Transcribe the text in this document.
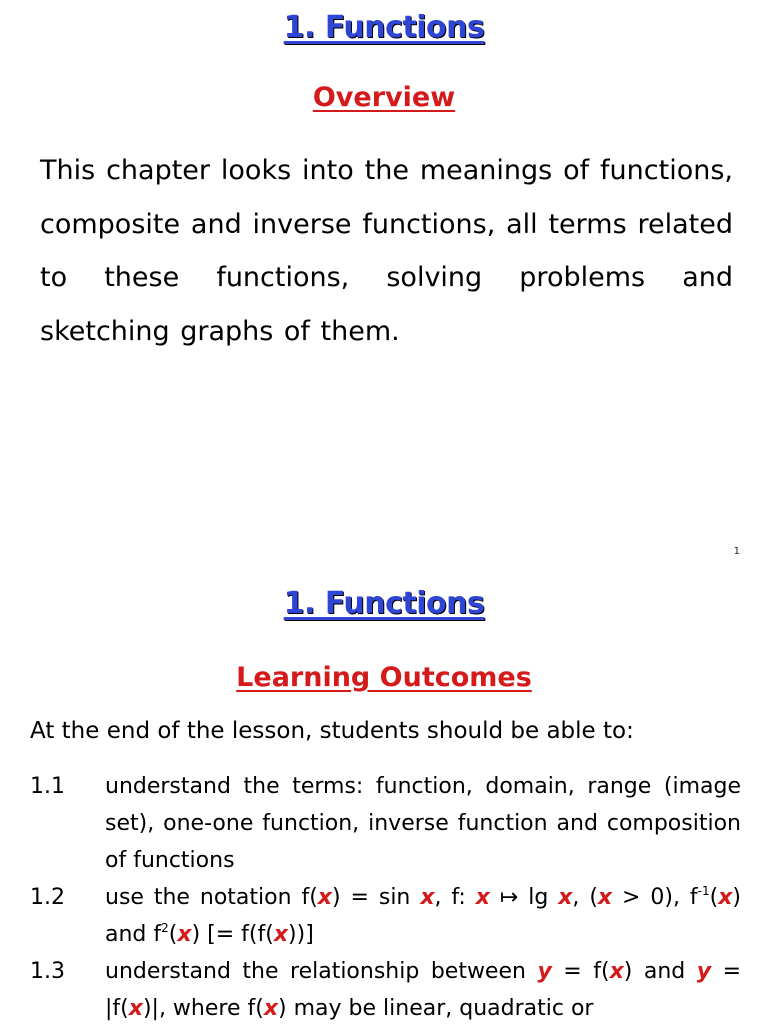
1. Functions
Overview

This chapter looks into the meanings of functions, composite and inverse functions, all terms related to these functions, solving problems and sketching graphs of them.

1
1. Functions
Learning Outcomes

At the end of the lesson, students should be able to:

1.1	understand the terms: function, domain, range (image set), one-one function, inverse function and composition of functions
1.2	use the notation f(x) = sin x, f: x ↦ lg x, (x > 0), $f^{-1}(x)$ and $f^2(x)$ [= f(f(x))]
1.3	understand the relationship between y = f(x) and y = |f(x)|, where f(x) may be linear, quadratic or
